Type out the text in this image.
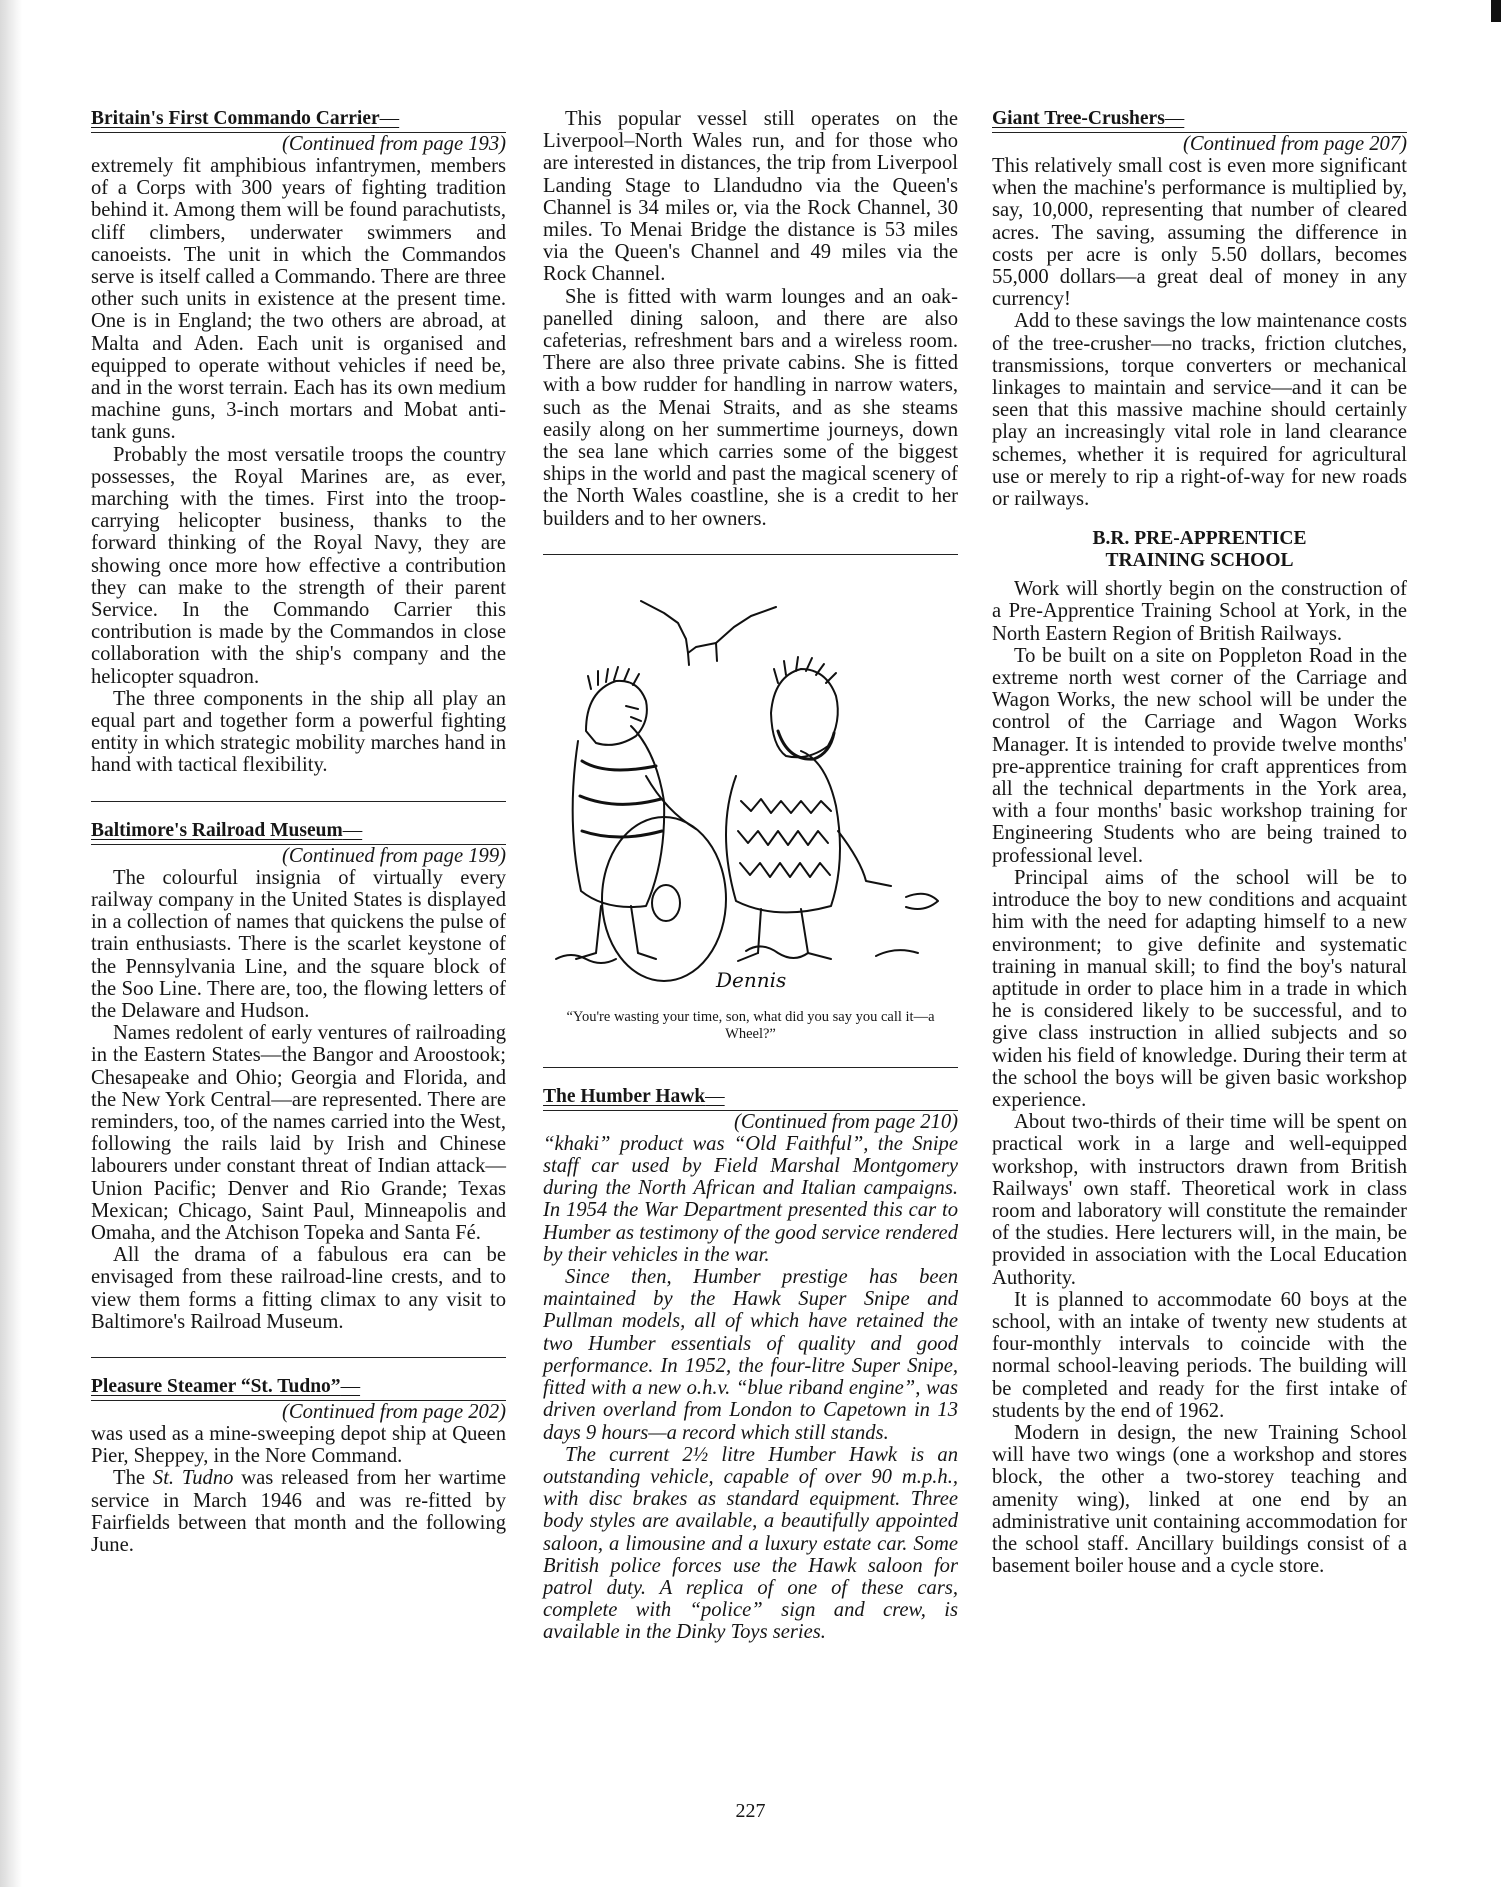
Britain's First Commando Carrier—
(Continued from page 193)

extremely fit amphibious infantrymen, members of a Corps with 300 years of fighting tradition behind it. Among them will be found parachutists, cliff climbers, underwater swimmers and canoeists. The unit in which the Commandos serve is itself called a Commando. There are three other such units in existence at the present time. One is in England; the two others are abroad, at Malta and Aden. Each unit is organised and equipped to operate without vehicles if need be, and in the worst terrain. Each has its own medium machine guns, 3-inch mortars and Mobat anti-tank guns.

Probably the most versatile troops the country possesses, the Royal Marines are, as ever, marching with the times. First into the troop-carrying helicopter business, thanks to the forward thinking of the Royal Navy, they are showing once more how effective a contribution they can make to the strength of their parent Service. In the Commando Carrier this contribution is made by the Commandos in close collaboration with the ship's company and the helicopter squadron.

The three components in the ship all play an equal part and together form a powerful fighting entity in which strategic mobility marches hand in hand with tactical flexibility.

Baltimore's Railroad Museum—
(Continued from page 199)

The colourful insignia of virtually every railway company in the United States is displayed in a collection of names that quickens the pulse of train enthusiasts. There is the scarlet keystone of the Pennsylvania Line, and the square block of the Soo Line. There are, too, the flowing letters of the Delaware and Hudson.

Names redolent of early ventures of railroading in the Eastern States—the Bangor and Aroostook; Chesapeake and Ohio; Georgia and Florida, and the New York Central—are represented. There are reminders, too, of the names carried into the West, following the rails laid by Irish and Chinese labourers under constant threat of Indian attack—Union Pacific; Denver and Rio Grande; Texas Mexican; Chicago, Saint Paul, Minneapolis and Omaha, and the Atchison Topeka and Santa Fé.

All the drama of a fabulous era can be envisaged from these railroad-line crests, and to view them forms a fitting climax to any visit to Baltimore's Railroad Museum.

Pleasure Steamer “St. Tudno”—
(Continued from page 202)

was used as a mine-sweeping depot ship at Queen Pier, Sheppey, in the Nore Command.

The St. Tudno was released from her wartime service in March 1946 and was re-fitted by Fairfields between that month and the following June.

This popular vessel still operates on the Liverpool–North Wales run, and for those who are interested in distances, the trip from Liverpool Landing Stage to Llandudno via the Queen's Channel is 34 miles or, via the Rock Channel, 30 miles. To Menai Bridge the distance is 53 miles via the Queen's Channel and 49 miles via the Rock Channel.

She is fitted with warm lounges and an oak-panelled dining saloon, and there are also cafeterias, refreshment bars and a wireless room. There are also three private cabins. She is fitted with a bow rudder for handling in narrow waters, such as the Menai Straits, and as she steams easily along on her summertime journeys, down the sea lane which carries some of the biggest ships in the world and past the magical scenery of the North Wales coastline, she is a credit to her builders and to her owners.

Dennis
“You're wasting your time, son, what did you say you call it—a Wheel?”
The Humber Hawk—
(Continued from page 210)

“khaki” product was “Old Faithful”, the Snipe staff car used by Field Marshal Montgomery during the North African and Italian campaigns. In 1954 the War Department presented this car to Humber as testimony of the good service rendered by their vehicles in the war.

Since then, Humber prestige has been maintained by the Hawk Super Snipe and Pullman models, all of which have retained the two Humber essentials of quality and good performance. In 1952, the four-litre Super Snipe, fitted with a new o.h.v. “blue riband engine”, was driven overland from London to Capetown in 13 days 9 hours—a record which still stands.

The current 2½ litre Humber Hawk is an outstanding vehicle, capable of over 90 m.p.h., with disc brakes as standard equipment. Three body styles are available, a beautifully appointed saloon, a limousine and a luxury estate car. Some British police forces use the Hawk saloon for patrol duty. A replica of one of these cars, complete with “police” sign and crew, is available in the Dinky Toys series.

Giant Tree-Crushers—
(Continued from page 207)

This relatively small cost is even more significant when the machine's performance is multiplied by, say, 10,000, representing that number of cleared acres. The saving, assuming the difference in costs per acre is only 5.50 dollars, becomes 55,000 dollars—a great deal of money in any currency!

Add to these savings the low maintenance costs of the tree-crusher—no tracks, friction clutches, transmissions, torque converters or mechanical linkages to maintain and service—and it can be seen that this massive machine should certainly play an increasingly vital role in land clearance schemes, whether it is required for agricultural use or merely to rip a right-of-way for new roads or railways.

B.R. PRE-APPRENTICE
TRAINING SCHOOL

Work will shortly begin on the construction of a Pre-Apprentice Training School at York, in the North Eastern Region of British Railways.

To be built on a site on Poppleton Road in the extreme north west corner of the Carriage and Wagon Works, the new school will be under the control of the Carriage and Wagon Works Manager. It is intended to provide twelve months' pre-apprentice training for craft apprentices from all the technical departments in the York area, with a four months' basic workshop training for Engineering Students who are being trained to professional level.

Principal aims of the school will be to introduce the boy to new conditions and acquaint him with the need for adapting himself to a new environment; to give definite and systematic training in manual skill; to find the boy's natural aptitude in order to place him in a trade in which he is considered likely to be successful, and to give class instruction in allied subjects and so widen his field of knowledge. During their term at the school the boys will be given basic workshop experience.

About two-thirds of their time will be spent on practical work in a large and well-equipped workshop, with instructors drawn from British Railways' own staff. Theoretical work in class room and laboratory will constitute the remainder of the studies. Here lecturers will, in the main, be provided in association with the Local Education Authority.

It is planned to accommodate 60 boys at the school, with an intake of twenty new students at four-monthly intervals to coincide with the normal school-leaving periods. The building will be completed and ready for the first intake of students by the end of 1962.

Modern in design, the new Training School will have two wings (one a workshop and stores block, the other a two-storey teaching and amenity wing), linked at one end by an administrative unit containing accommodation for the school staff. Ancillary buildings consist of a basement boiler house and a cycle store.

227
